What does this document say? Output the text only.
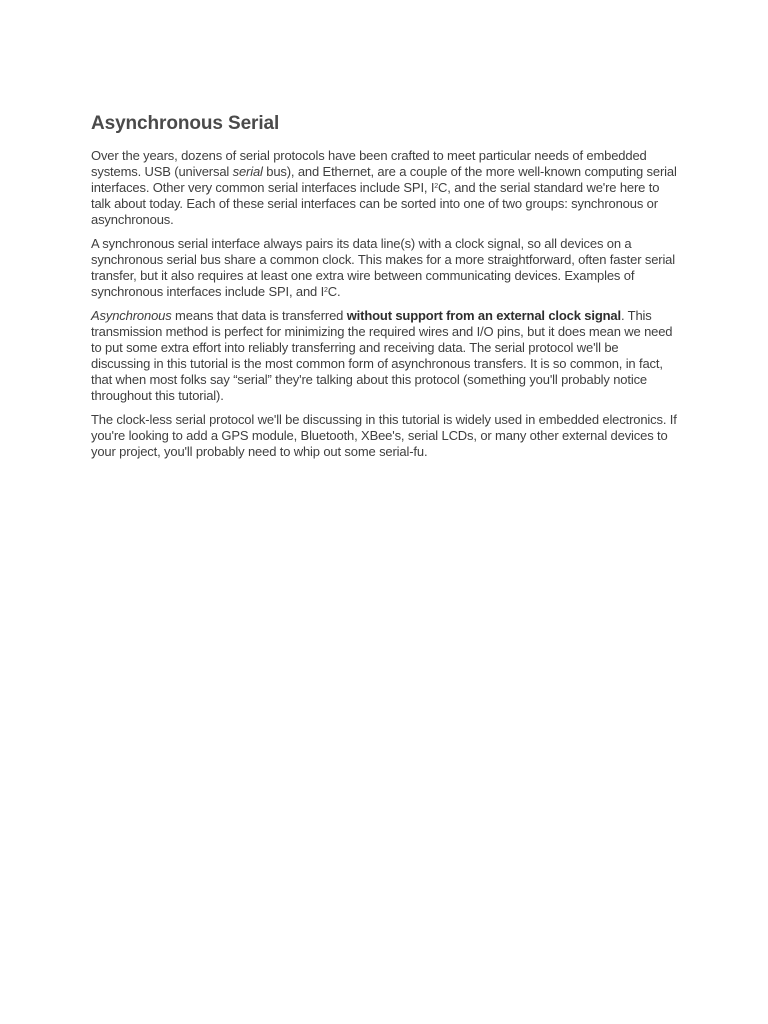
Asynchronous Serial

Over the years, dozens of serial protocols have been crafted to meet particular needs of embedded systems. USB (universal serial bus), and Ethernet, are a couple of the more well-known computing serial interfaces. Other very common serial interfaces include SPI, $I^2C$, and the serial standard we're here to talk about today. Each of these serial interfaces can be sorted into one of two groups: synchronous or asynchronous.

A synchronous serial interface always pairs its data line(s) with a clock signal, so all devices on a synchronous serial bus share a common clock. This makes for a more straightforward, often faster serial transfer, but it also requires at least one extra wire between communicating devices. Examples of synchronous interfaces include SPI, and $I^2C$.

Asynchronous means that data is transferred without support from an external clock signal. This transmission method is perfect for minimizing the required wires and I/O pins, but it does mean we need to put some extra effort into reliably transferring and receiving data. The serial protocol we'll be discussing in this tutorial is the most common form of asynchronous transfers. It is so common, in fact, that when most folks say “serial” they're talking about this protocol (something you'll probably notice throughout this tutorial).

The clock-less serial protocol we'll be discussing in this tutorial is widely used in embedded electronics. If you're looking to add a GPS module, Bluetooth, XBee's, serial LCDs, or many other external devices to your project, you'll probably need to whip out some serial-fu.
